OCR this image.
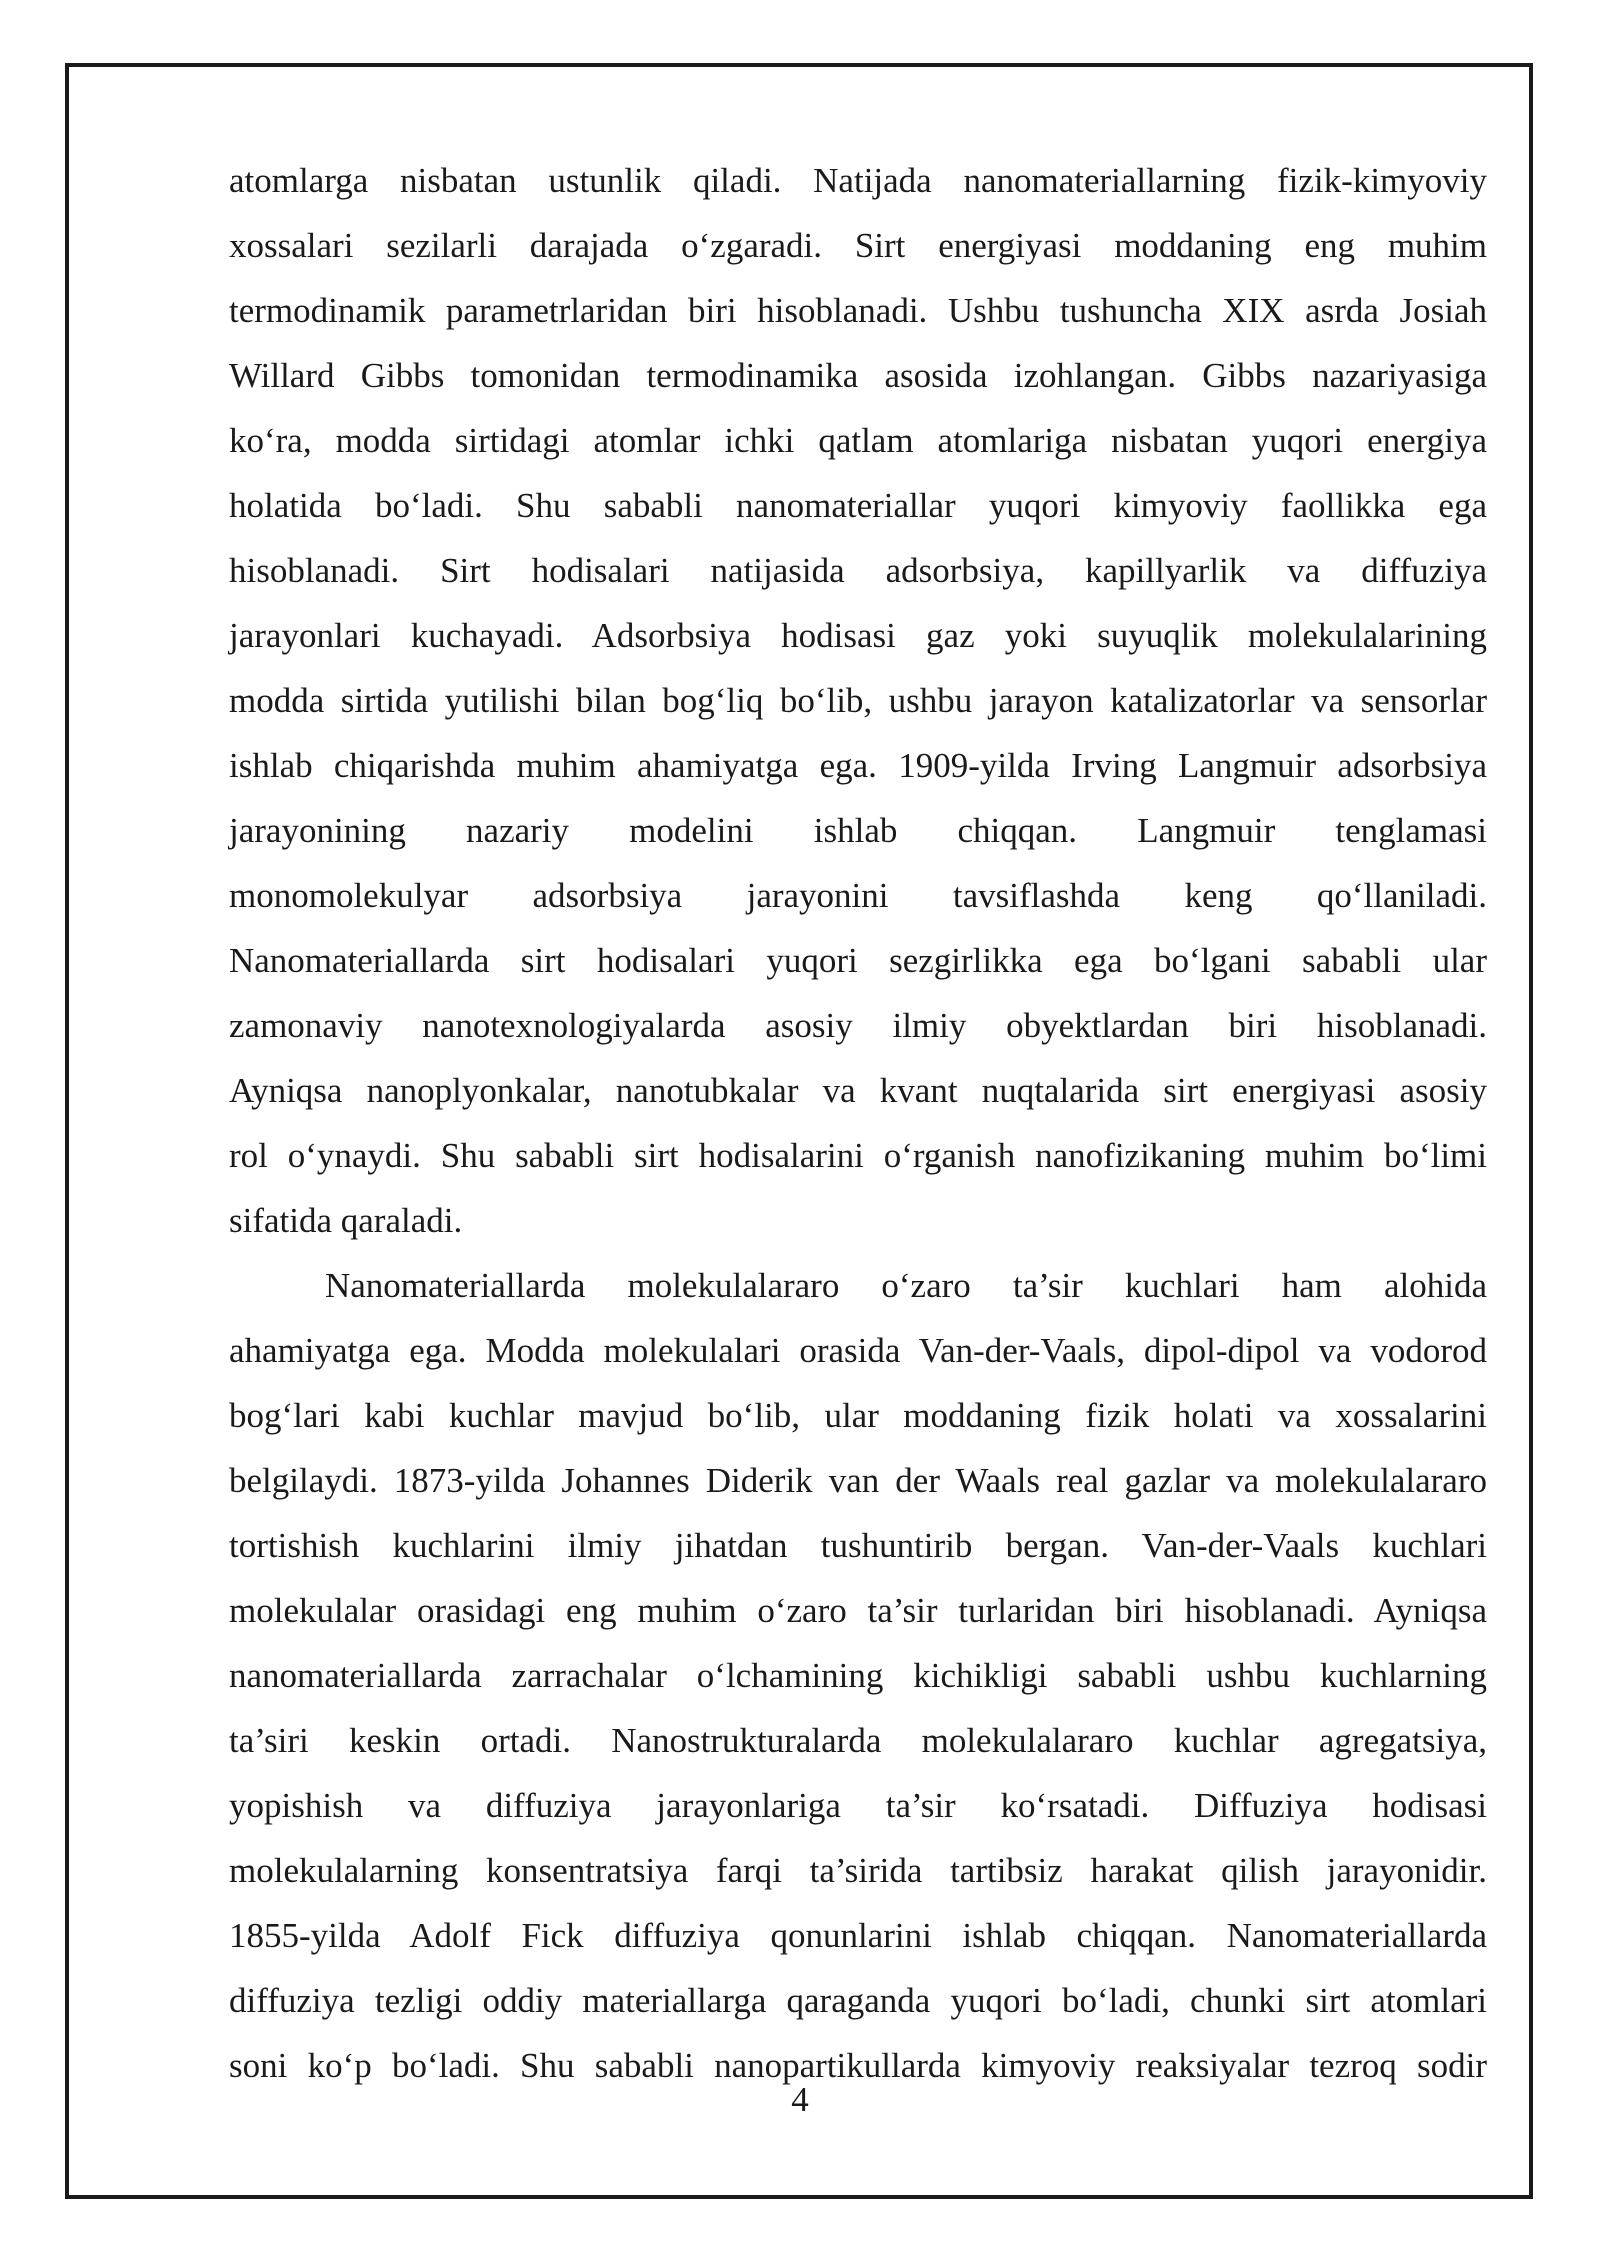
atomlarga nisbatan ustunlik qiladi. Natijada nanomateriallarning fizik-kimyoviy
xossalari sezilarli darajada o‘zgaradi. Sirt energiyasi moddaning eng muhim
termodinamik parametrlaridan biri hisoblanadi. Ushbu tushuncha XIX asrda Josiah
Willard Gibbs tomonidan termodinamika asosida izohlangan. Gibbs nazariyasiga
ko‘ra, modda sirtidagi atomlar ichki qatlam atomlariga nisbatan yuqori energiya
holatida bo‘ladi. Shu sababli nanomateriallar yuqori kimyoviy faollikka ega
hisoblanadi. Sirt hodisalari natijasida adsorbsiya, kapillyarlik va diffuziya
jarayonlari kuchayadi. Adsorbsiya hodisasi gaz yoki suyuqlik molekulalarining
modda sirtida yutilishi bilan bog‘liq bo‘lib, ushbu jarayon katalizatorlar va sensorlar
ishlab chiqarishda muhim ahamiyatga ega. 1909-yilda Irving Langmuir adsorbsiya
jarayonining nazariy modelini ishlab chiqqan. Langmuir tenglamasi
monomolekulyar adsorbsiya jarayonini tavsiflashda keng qo‘llaniladi.
Nanomateriallarda sirt hodisalari yuqori sezgirlikka ega bo‘lgani sababli ular
zamonaviy nanotexnologiyalarda asosiy ilmiy obyektlardan biri hisoblanadi.
Ayniqsa nanoplyonkalar, nanotubkalar va kvant nuqtalarida sirt energiyasi asosiy
rol o‘ynaydi. Shu sababli sirt hodisalarini o‘rganish nanofizikaning muhim bo‘limi
sifatida qaraladi.
Nanomateriallarda molekulalararo o‘zaro ta’sir kuchlari ham alohida
ahamiyatga ega. Modda molekulalari orasida Van-der-Vaals, dipol-dipol va vodorod
bog‘lari kabi kuchlar mavjud bo‘lib, ular moddaning fizik holati va xossalarini
belgilaydi. 1873-yilda Johannes Diderik van der Waals real gazlar va molekulalararo
tortishish kuchlarini ilmiy jihatdan tushuntirib bergan. Van-der-Vaals kuchlari
molekulalar orasidagi eng muhim o‘zaro ta’sir turlaridan biri hisoblanadi. Ayniqsa
nanomateriallarda zarrachalar o‘lchamining kichikligi sababli ushbu kuchlarning
ta’siri keskin ortadi. Nanostrukturalarda molekulalararo kuchlar agregatsiya,
yopishish va diffuziya jarayonlariga ta’sir ko‘rsatadi. Diffuziya hodisasi
molekulalarning konsentratsiya farqi ta’sirida tartibsiz harakat qilish jarayonidir.
1855-yilda Adolf Fick diffuziya qonunlarini ishlab chiqqan. Nanomateriallarda
diffuziya tezligi oddiy materiallarga qaraganda yuqori bo‘ladi, chunki sirt atomlari
soni ko‘p bo‘ladi. Shu sababli nanopartikullarda kimyoviy reaksiyalar tezroq sodir
4
